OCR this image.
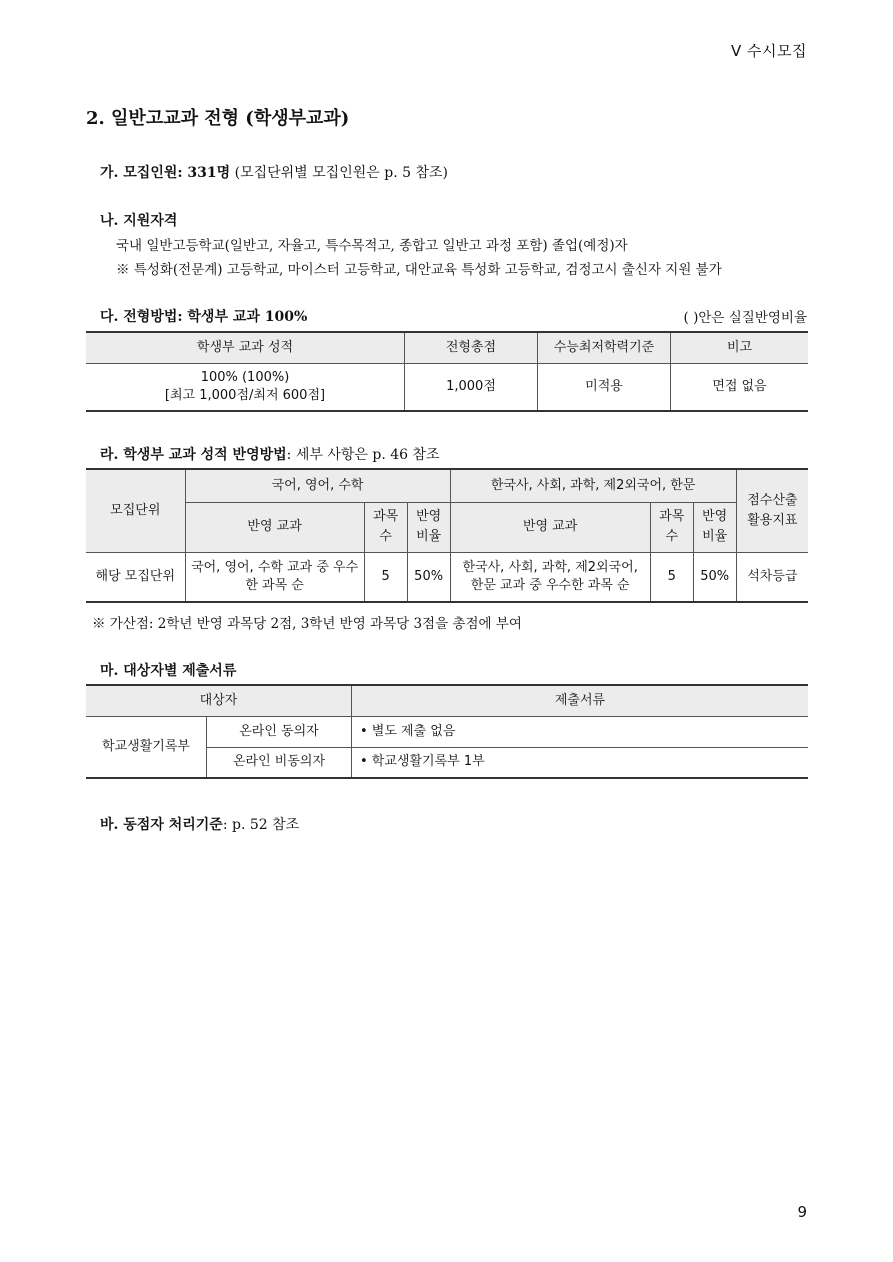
V 수시모집
2. 일반고교과 전형 (학생부교과)
가. 모집인원: 331명 (모집단위별 모집인원은 p. 5 참조)
나. 지원자격
국내 일반고등학교(일반고, 자율고, 특수목적고, 종합고 일반고 과정 포함) 졸업(예정)자
※ 특성화(전문계) 고등학교, 마이스터 고등학교, 대안교육 특성화 고등학교, 검정고시 출신자 지원 불가
다. 전형방법: 학생부 교과 100%	( )안은 실질반영비율
학생부 교과 성적	전형총점	수능최저학력기준	비고

100% (100%)
[최고 1,000점/최저 600점]	1,000점	미적용	면접 없음
라. 학생부 교과 성적 반영방법: 세부 사항은 p. 46 참조
모집단위	국어, 영어, 수학			한국사, 사회, 과학, 제2외국어, 한문			점수산출 활용지표
	반영 교과	과목 수	반영 비율	반영 교과	과목 수	반영 비율	
해당 모집단위	국어, 영어, 수학 교과 중 우수한 과목 순	5	50%	한국사, 사회, 과학, 제2외국어, 한문 교과 중 우수한 과목 순	5	50%	석차등급
※ 가산점: 2학년 반영 과목당 2점, 3학년 반영 과목당 3점을 총점에 부여
마. 대상자별 제출서류
대상자		제출서류
학교생활기록부	온라인 동의자	• 별도 제출 없음
	온라인 비동의자	• 학교생활기록부 1부
바. 동점자 처리기준: p. 52 참조
9
